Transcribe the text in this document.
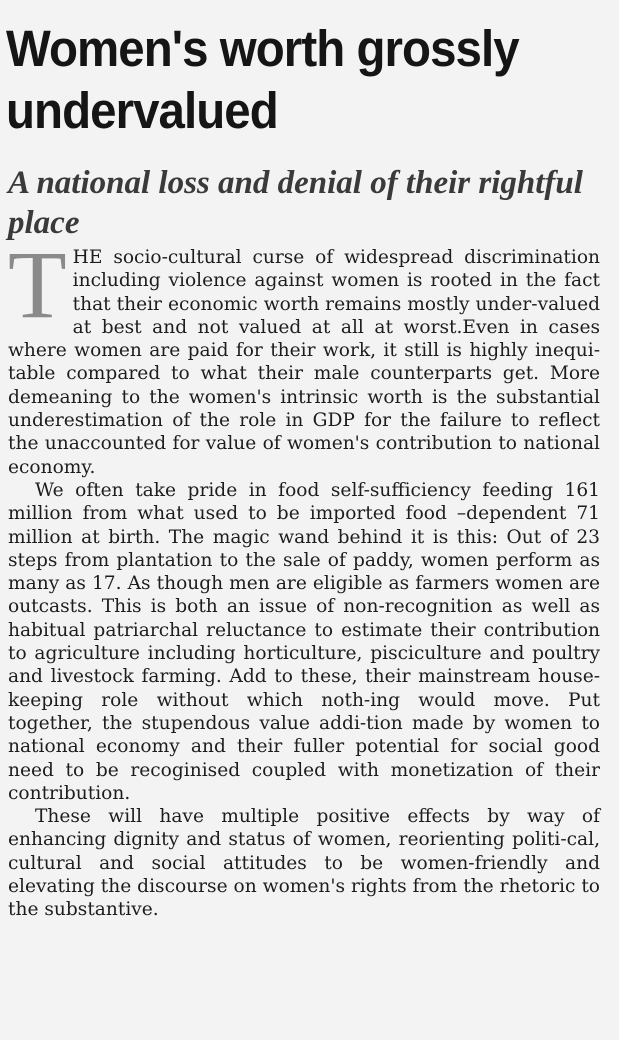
Women's worth grossly undervalued
A national loss and denial of their rightful place

THE socio-cultural curse of widespread discrimination including violence against women is rooted in the fact that their economic worth remains mostly under-valued at best and not valued at all at worst.Even in cases where women are paid for their work, it still is highly inequi-table compared to what their male counterparts get. More demeaning to the women's intrinsic worth is the substantial underestimation of the role in GDP for the failure to reflect the unaccounted for value of women's contribution to national economy.

We often take pride in food self-sufficiency feeding 161 million from what used to be imported food –dependent 71 million at birth. The magic wand behind it is this: Out of 23 steps from plantation to the sale of paddy, women perform as many as 17. As though men are eligible as farmers women are outcasts. This is both an issue of non-recognition as well as habitual patriarchal reluctance to estimate their contribution to agriculture including horticulture, pisciculture and poultry and livestock farming. Add to these, their mainstream house-keeping role without which noth-ing would move. Put together, the stupendous value addi-tion made by women to national economy and their fuller potential for social good need to be recoginised coupled with monetization of their contribution.

These will have multiple positive effects by way of enhancing dignity and status of women, reorienting politi-cal, cultural and social attitudes to be women-friendly and elevating the discourse on women's rights from the rhetoric to the substantive.
